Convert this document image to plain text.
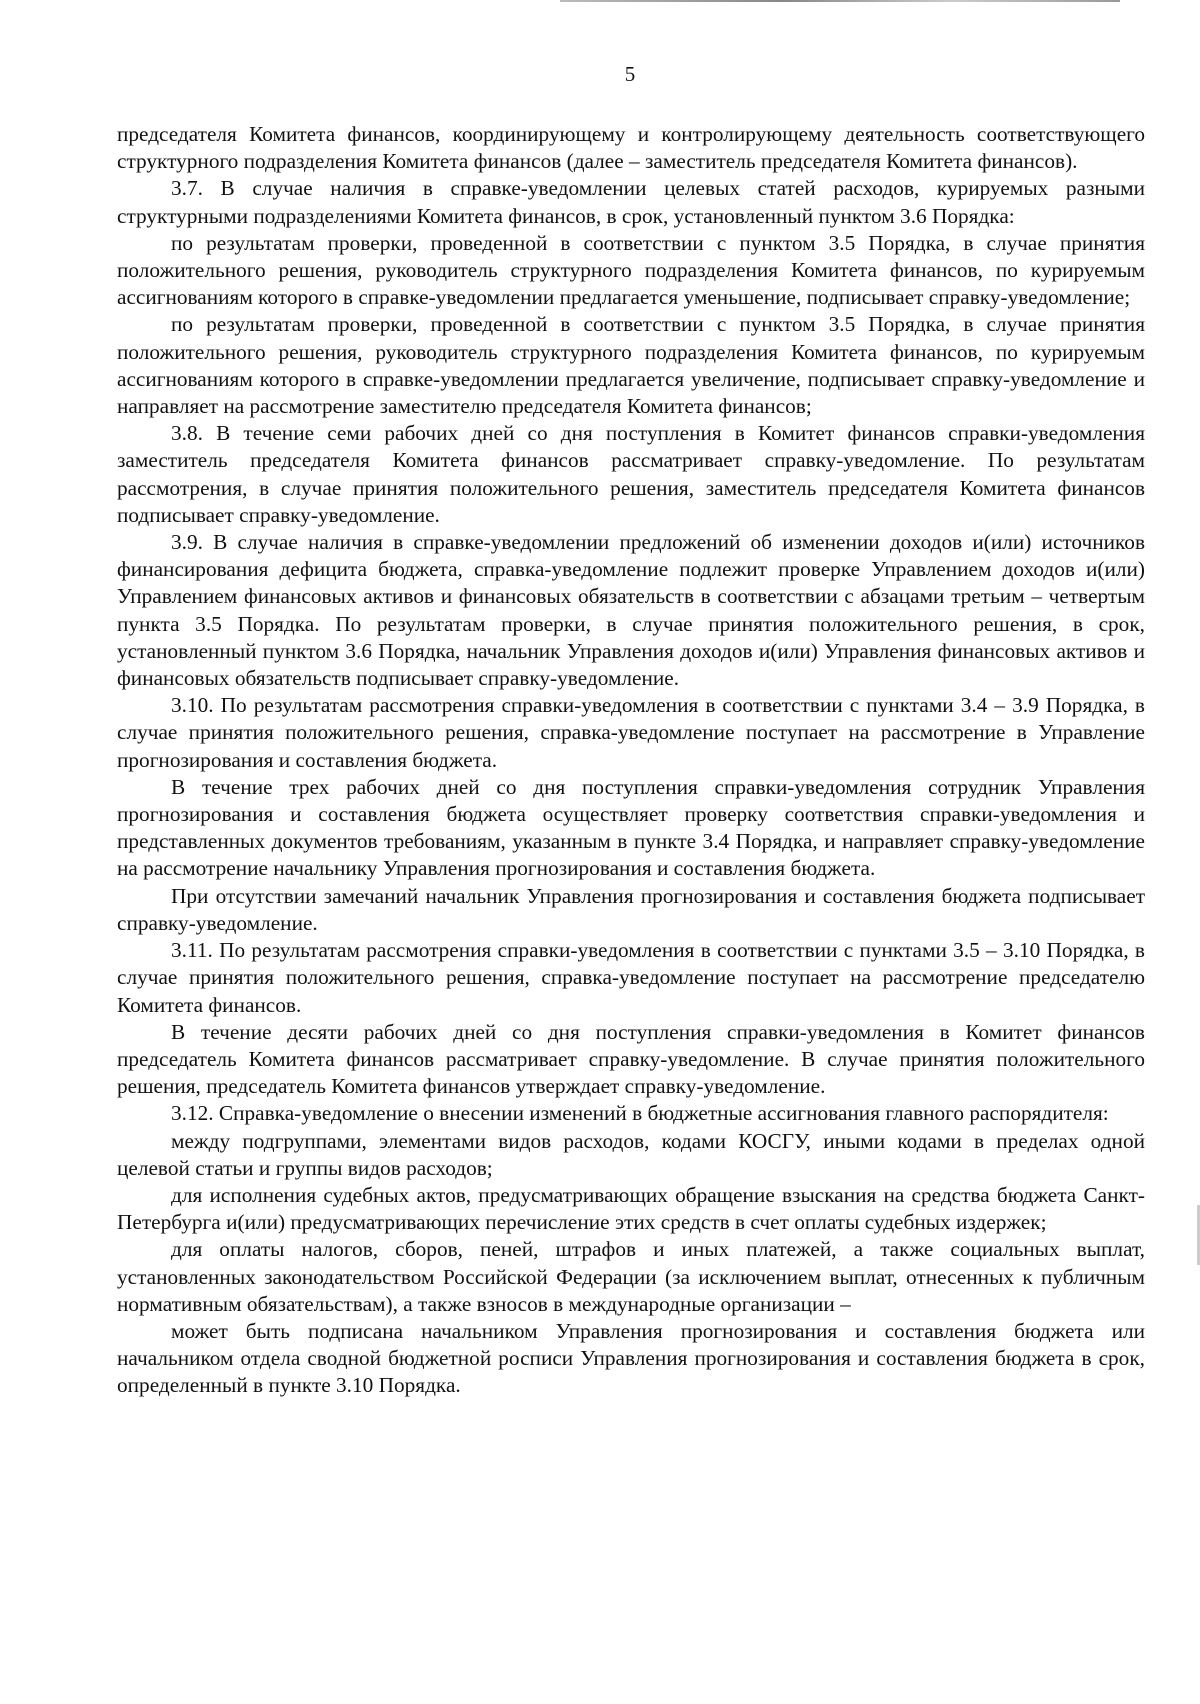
5

председателя Комитета финансов, координирующему и контролирующему деятельность соответствующего структурного подразделения Комитета финансов (далее – заместитель председателя Комитета финансов).

3.7. В случае наличия в справке-уведомлении целевых статей расходов, курируемых разными структурными подразделениями Комитета финансов, в срок, установленный пунктом 3.6 Порядка:

по результатам проверки, проведенной в соответствии с пунктом 3.5 Порядка, в случае принятия положительного решения, руководитель структурного подразделения Комитета финансов, по курируемым ассигнованиям которого в справке-уведомлении предлагается уменьшение, подписывает справку-уведомление;

по результатам проверки, проведенной в соответствии с пунктом 3.5 Порядка, в случае принятия положительного решения, руководитель структурного подразделения Комитета финансов, по курируемым ассигнованиям которого в справке-уведомлении предлагается увеличение, подписывает справку-уведомление и направляет на рассмотрение заместителю председателя Комитета финансов;

3.8. В течение семи рабочих дней со дня поступления в Комитет финансов справки-уведомления заместитель председателя Комитета финансов рассматривает справку-уведомление. По результатам рассмотрения, в случае принятия положительного решения, заместитель председателя Комитета финансов подписывает справку-уведомление.

3.9. В случае наличия в справке-уведомлении предложений об изменении доходов и(или) источников финансирования дефицита бюджета, справка-уведомление подлежит проверке Управлением доходов и(или) Управлением финансовых активов и финансовых обязательств в соответствии с абзацами третьим – четвертым пункта 3.5 Порядка. По результатам проверки, в случае принятия положительного решения, в срок, установленный пунктом 3.6 Порядка, начальник Управления доходов и(или) Управления финансовых активов и финансовых обязательств подписывает справку-уведомление.

3.10. По результатам рассмотрения справки-уведомления в соответствии с пунктами 3.4 – 3.9 Порядка, в случае принятия положительного решения, справка-уведомление поступает на рассмотрение в Управление прогнозирования и составления бюджета.

В течение трех рабочих дней со дня поступления справки-уведомления сотрудник Управления прогнозирования и составления бюджета осуществляет проверку соответствия справки-уведомления и представленных документов требованиям, указанным в пункте 3.4 Порядка, и направляет справку-уведомление на рассмотрение начальнику Управления прогнозирования и составления бюджета.

При отсутствии замечаний начальник Управления прогнозирования и составления бюджета подписывает справку-уведомление.

3.11. По результатам рассмотрения справки-уведомления в соответствии с пунктами 3.5 – 3.10 Порядка, в случае принятия положительного решения, справка-уведомление поступает на рассмотрение председателю Комитета финансов.

В течение десяти рабочих дней со дня поступления справки-уведомления в Комитет финансов председатель Комитета финансов рассматривает справку-уведомление. В случае принятия положительного решения, председатель Комитета финансов утверждает справку-уведомление.

3.12. Справка-уведомление о внесении изменений в бюджетные ассигнования главного распорядителя:

между подгруппами, элементами видов расходов, кодами КОСГУ, иными кодами в пределах одной целевой статьи и группы видов расходов;

для исполнения судебных актов, предусматривающих обращение взыскания на средства бюджета Санкт-Петербурга и(или) предусматривающих перечисление этих средств в счет оплаты судебных издержек;

для оплаты налогов, сборов, пеней, штрафов и иных платежей, а также социальных выплат, установленных законодательством Российской Федерации (за исключением выплат, отнесенных к публичным нормативным обязательствам), а также взносов в международные организации –

может быть подписана начальником Управления прогнозирования и составления бюджета или начальником отдела сводной бюджетной росписи Управления прогнозирования и составления бюджета в срок, определенный в пункте 3.10 Порядка.
